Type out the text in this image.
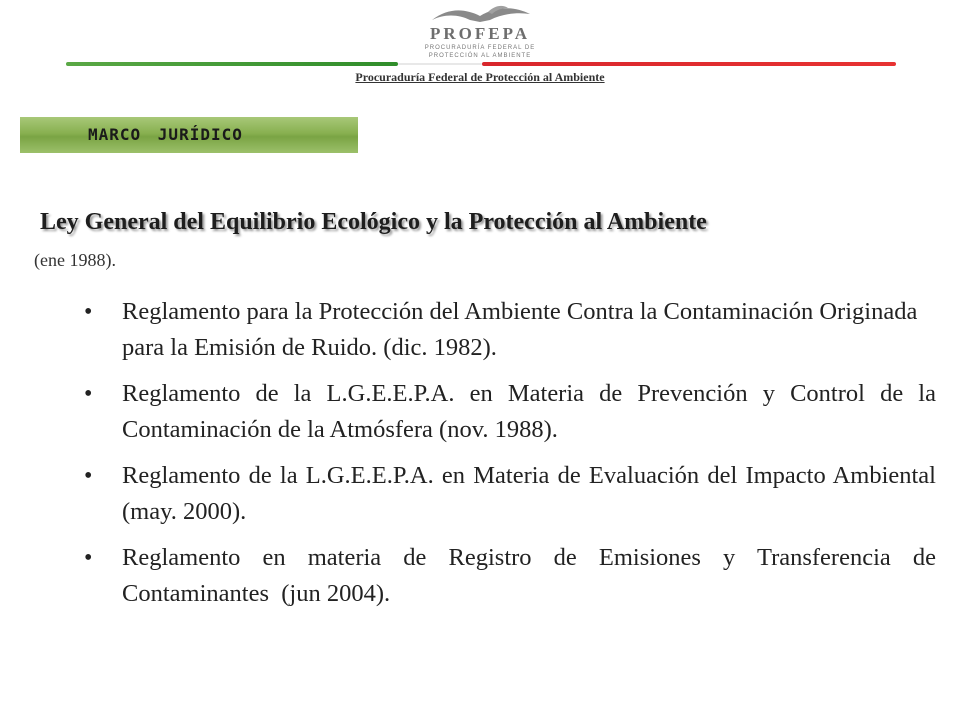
PROFEPA
PROCURADURÍA FEDERAL DE PROTECCIÓN AL AMBIENTE
Procuraduría Federal de Protección al Ambiente
MARCO JURÍDICO
Ley General del Equilibrio Ecológico y la Protección al Ambiente
(ene 1988).
• Reglamento para la Protección del Ambiente Contra la Contaminación Originada para la Emisión de Ruido. (dic. 1982).
• Reglamento de la L.G.E.E.P.A. en Materia de Prevención y Control de la    Contaminación de la Atmósfera (nov. 1988).
• Reglamento de la L.G.E.E.P.A. en Materia de Evaluación del Impacto Ambiental  (may. 2000).
• Reglamento en materia de Registro de Emisiones y Transferencia de Contaminantes  (jun 2004).
